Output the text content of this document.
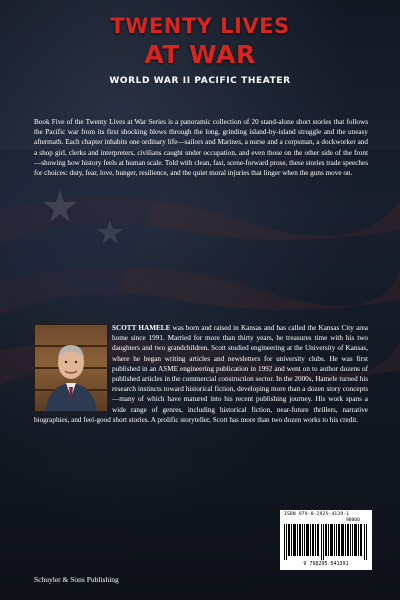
TWENTY LIVES
AT WAR
WORLD WAR II PACIFIC THEATER
Book Five of the Twenty Lives at War Series is a panoramic collection of 20 stand-alone short stories that follows the Pacific war from its first shocking blows through the long, grinding island-by-island struggle and the uneasy aftermath. Each chapter inhabits one ordinary life—sailors and Marines, a nurse and a corpsman, a dockworker and a shop girl, clerks and interpreters, civilians caught under occupation, and even those on the other side of the front—showing how history feels at human scale. Told with clean, fast, scene-forward prose, these stories trade speeches for choices: duty, fear, love, hunger, resilience, and the quiet moral injuries that linger when the guns move on.
SCOTT HAMELE was born and raised in Kansas and has called the Kansas City area home since 1991. Married for more than thirty years, he treasures time with his two daughters and two grandchildren. Scott studied engineering at the University of Kansas, where he began writing articles and newsletters for university clubs. He was first published in an ASME engineering publication in 1992 and went on to author dozens of published articles in the commercial construction sector. In the 2000s, Hamele turned his research instincts toward historical fiction, developing more than a dozen story concepts—many of which have matured into his recent publishing journey. His work spans a wide range of genres, including historical fiction, near-future thrillers, narrative biographies, and feel-good short stories. A prolific storyteller, Scott has more than two dozen works to his credit.
ISBN 979-8-2925-4139-1
90000
9 798295 541391
Schuyler & Sons Publishing
